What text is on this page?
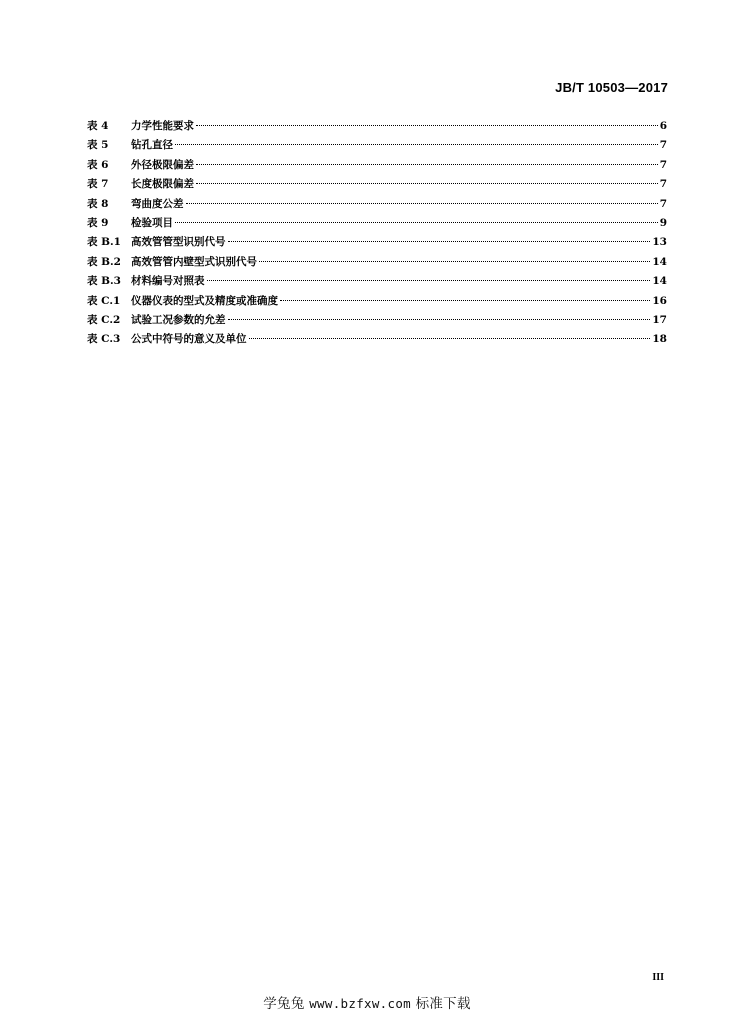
JB/T 10503—2017
表 4	力学性能要求	6
表 5	钻孔直径	7
表 6	外径极限偏差	7
表 7	长度极限偏差	7
表 8	弯曲度公差	7
表 9	检验项目	9
表 B.1 高效管管型识别代号	13
表 B.2 高效管管内壁型式识别代号	14
表 B.3 材料编号对照表	14
表 C.1	仪器仪表的型式及精度或准确度	16
表 C.2	试验工况参数的允差	17
表 C.3	公式中符号的意义及单位	18
III
学兔兔 www.bzfxw.com 标准下载
